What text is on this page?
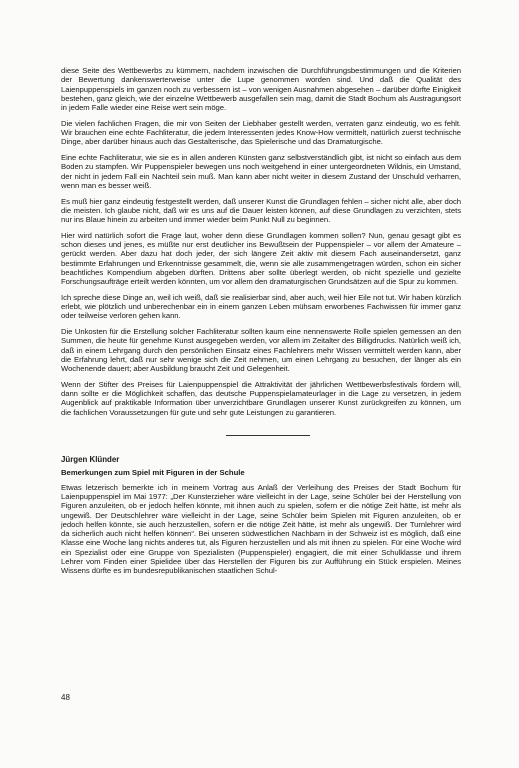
diese Seite des Wettbewerbs zu kümmern, nachdem inzwischen die Durchführungsbestimmungen und die Kriterien der Bewertung dankenswerterweise unter die Lupe genommen worden sind. Und daß die Qualität des Laienpuppenspiels im ganzen noch zu verbessern ist – von wenigen Ausnahmen abgesehen – darüber dürfte Einigkeit bestehen, ganz gleich, wie der einzelne Wettbewerb ausgefallen sein mag, damit die Stadt Bochum als Austragungsort in jedem Falle wieder eine Reise wert sein möge.

Die vielen fachlichen Fragen, die mir von Seiten der Liebhaber gestellt werden, verraten ganz eindeutig, wo es fehlt. Wir brauchen eine echte Fachliteratur, die jedem Interessenten jedes Know-How vermittelt, natürlich zuerst technische Dinge, aber darüber hinaus auch das Gestalterische, das Spielerische und das Dramaturgische.

Eine echte Fachliteratur, wie sie es in allen anderen Künsten ganz selbstverständlich gibt, ist nicht so einfach aus dem Boden zu stampfen. Wir Puppenspieler bewegen uns noch weitgehend in einer untergeordneten Wildnis, ein Umstand, der nicht in jedem Fall ein Nachteil sein muß. Man kann aber nicht weiter in diesem Zustand der Unschuld verharren, wenn man es besser weiß.

Es muß hier ganz eindeutig festgestellt werden, daß unserer Kunst die Grundlagen fehlen – sicher nicht alle, aber doch die meisten. Ich glaube nicht, daß wir es uns auf die Dauer leisten können, auf diese Grundlagen zu verzichten, stets nur ins Blaue hinein zu arbeiten und immer wieder beim Punkt Null zu beginnen.

Hier wird natürlich sofort die Frage laut, woher denn diese Grundlagen kommen sollen? Nun, genau gesagt gibt es schon dieses und jenes, es müßte nur erst deutlicher ins Bewußtsein der Puppenspieler – vor allem der Amateure – gerückt werden. Aber dazu hat doch jeder, der sich längere Zeit aktiv mit diesem Fach auseinandersetzt, ganz bestimmte Erfahrungen und Erkenntnisse gesammelt, die, wenn sie alle zusammengetragen würden, schon ein sicher beachtliches Kompendium abgeben dürften. Drittens aber sollte überlegt werden, ob nicht spezielle und gezielte Forschungsaufträge erteilt werden könnten, um vor allem den dramaturgischen Grundsätzen auf die Spur zu kommen.

Ich spreche diese Dinge an, weil ich weiß, daß sie realisierbar sind, aber auch, weil hier Eile not tut. Wir haben kürzlich erlebt, wie plötzlich und unberechenbar ein in einem ganzen Leben mühsam erworbenes Fachwissen für immer ganz oder teilweise verloren gehen kann.

Die Unkosten für die Erstellung solcher Fachliteratur sollten kaum eine nennenswerte Rolle spielen gemessen an den Summen, die heute für genehme Kunst ausgegeben werden, vor allem im Zeitalter des Billigdrucks. Natürlich weiß ich, daß in einem Lehrgang durch den persönlichen Einsatz eines Fachlehrers mehr Wissen vermittelt werden kann, aber die Erfahrung lehrt, daß nur sehr wenige sich die Zeit nehmen, um einen Lehrgang zu besuchen, der länger als ein Wochenende dauert; aber Ausbildung braucht Zeit und Gelegenheit.

Wenn der Stifter des Preises für Laienpuppenspiel die Attraktivität der jährlichen Wettbewerbsfestivals fördern will, dann sollte er die Möglichkeit schaffen, das deutsche Puppenspielamateurlager in die Lage zu versetzen, in jedem Augenblick auf praktikable Information über unverzichtbare Grundlagen unserer Kunst zurückgreifen zu können, um die fachlichen Voraussetzungen für gute und sehr gute Leistungen zu garantieren.

Jürgen Klünder
Bemerkungen zum Spiel mit Figuren in der Schule

Etwas letzerisch bemerkte ich in meinem Vortrag aus Anlaß der Verleihung des Preises der Stadt Bochum für Laienpuppenspiel im Mai 1977: „Der Kunsterzieher wäre vielleicht in der Lage, seine Schüler bei der Herstellung von Figuren anzuleiten, ob er jedoch helfen könnte, mit ihnen auch zu spielen, sofern er die nötige Zeit hätte, ist mehr als ungewiß. Der Deutschlehrer wäre vielleicht in der Lage, seine Schüler beim Spielen mit Figuren anzuleiten, ob er jedoch helfen könnte, sie auch herzustellen, sofern er die nötige Zeit hätte, ist mehr als ungewiß. Der Turnlehrer wird da sicherlich auch nicht helfen können“. Bei unseren südwestlichen Nachbarn in der Schweiz ist es möglich, daß eine Klasse eine Woche lang nichts anderes tut, als Figuren herzustellen und als mit ihnen zu spielen. Für eine Woche wird ein Spezialist oder eine Gruppe von Spezialisten (Puppenspieler) engagiert, die mit einer Schulklasse und ihrem Lehrer vom Finden einer Spielidee über das Herstellen der Figuren bis zur Aufführung ein Stück erspielen. Meines Wissens dürfte es im bundesrepublikanischen staatlichen Schul-

48
